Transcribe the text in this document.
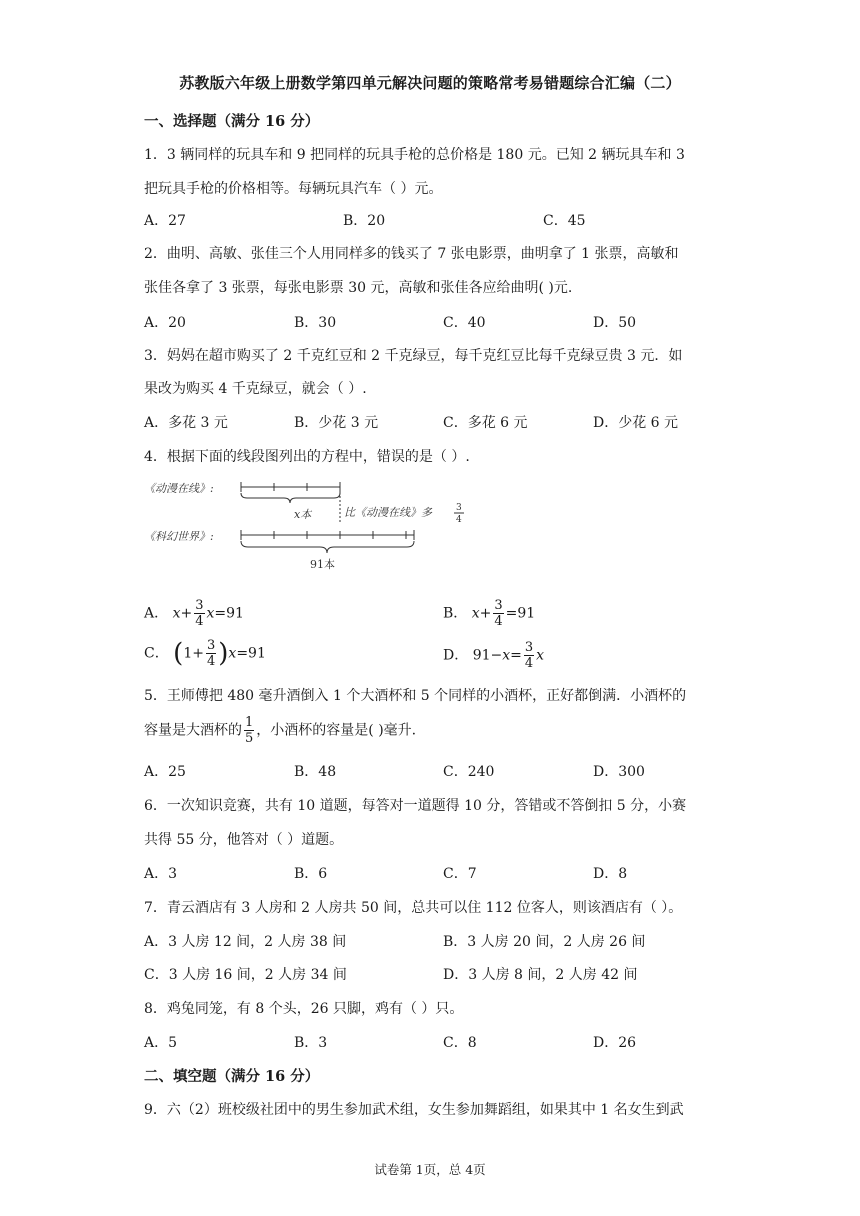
苏教版六年级上册数学第四单元解决问题的策略常考易错题综合汇编（二）
一、选择题（满分 16 分）
1．3 辆同样的玩具车和 9 把同样的玩具手枪的总价格是 180 元。已知 2 辆玩具车和 3
把玩具手枪的价格相等。每辆玩具汽车（ ）元。
A．27	B．20	C．45
2．曲明、高敏、张佳三个人用同样多的钱买了 7 张电影票，曲明拿了 1 张票，高敏和
张佳各拿了 3 张票，每张电影票 30 元，高敏和张佳各应给曲明( )元.
A．20	B．30	C．40	D．50
3．妈妈在超市购买了 2 千克红豆和 2 千克绿豆，每千克红豆比每千克绿豆贵 3 元．如
果改为购买 4 千克绿豆，就会（ ）.
A．多花 3 元	B．少花 3 元	C．多花 6 元	D．少花 6 元
4．根据下面的线段图列出的方程中，错误的是（ ）.
《动漫在线》:
x本	比《动漫在线》多	3
4
《科幻世界》:
91本
A． $x+ \frac{3}{4} x=91$	B． $x+ \frac{3}{4} =91$
C． $(1+ \frac{3}{4} )x=91$	D． $91-x= \frac{3}{4}$ x
5．王师傅把 480 毫升酒倒入 1 个大酒杯和 5 个同样的小酒杯，正好都倒满．小酒杯的
容量是大酒杯的 $\frac{1}{5}$ ，小酒杯的容量是( )毫升.
A．25	B．48	C．240	D．300
6．一次知识竞赛，共有 10 道题，每答对一道题得 10 分，答错或不答倒扣 5 分，小赛
共得 55 分，他答对（ ）道题。
A．3	B．6	C．7	D．8
7．青云酒店有 3 人房和 2 人房共 50 间，总共可以住 112 位客人，则该酒店有（ ）。
A．3 人房 12 间，2 人房 38 间	B．3 人房 20 间，2 人房 26 间
C．3 人房 16 间，2 人房 34 间	D．3 人房 8 间，2 人房 42 间
8．鸡兔同笼，有 8 个头，26 只脚，鸡有（ ）只。
A．5	B．3	C．8	D．26
二、填空题（满分 16 分）
9．六（2）班校级社团中的男生参加武术组，女生参加舞蹈组，如果其中 1 名女生到武
试卷第 1页，总 4页
